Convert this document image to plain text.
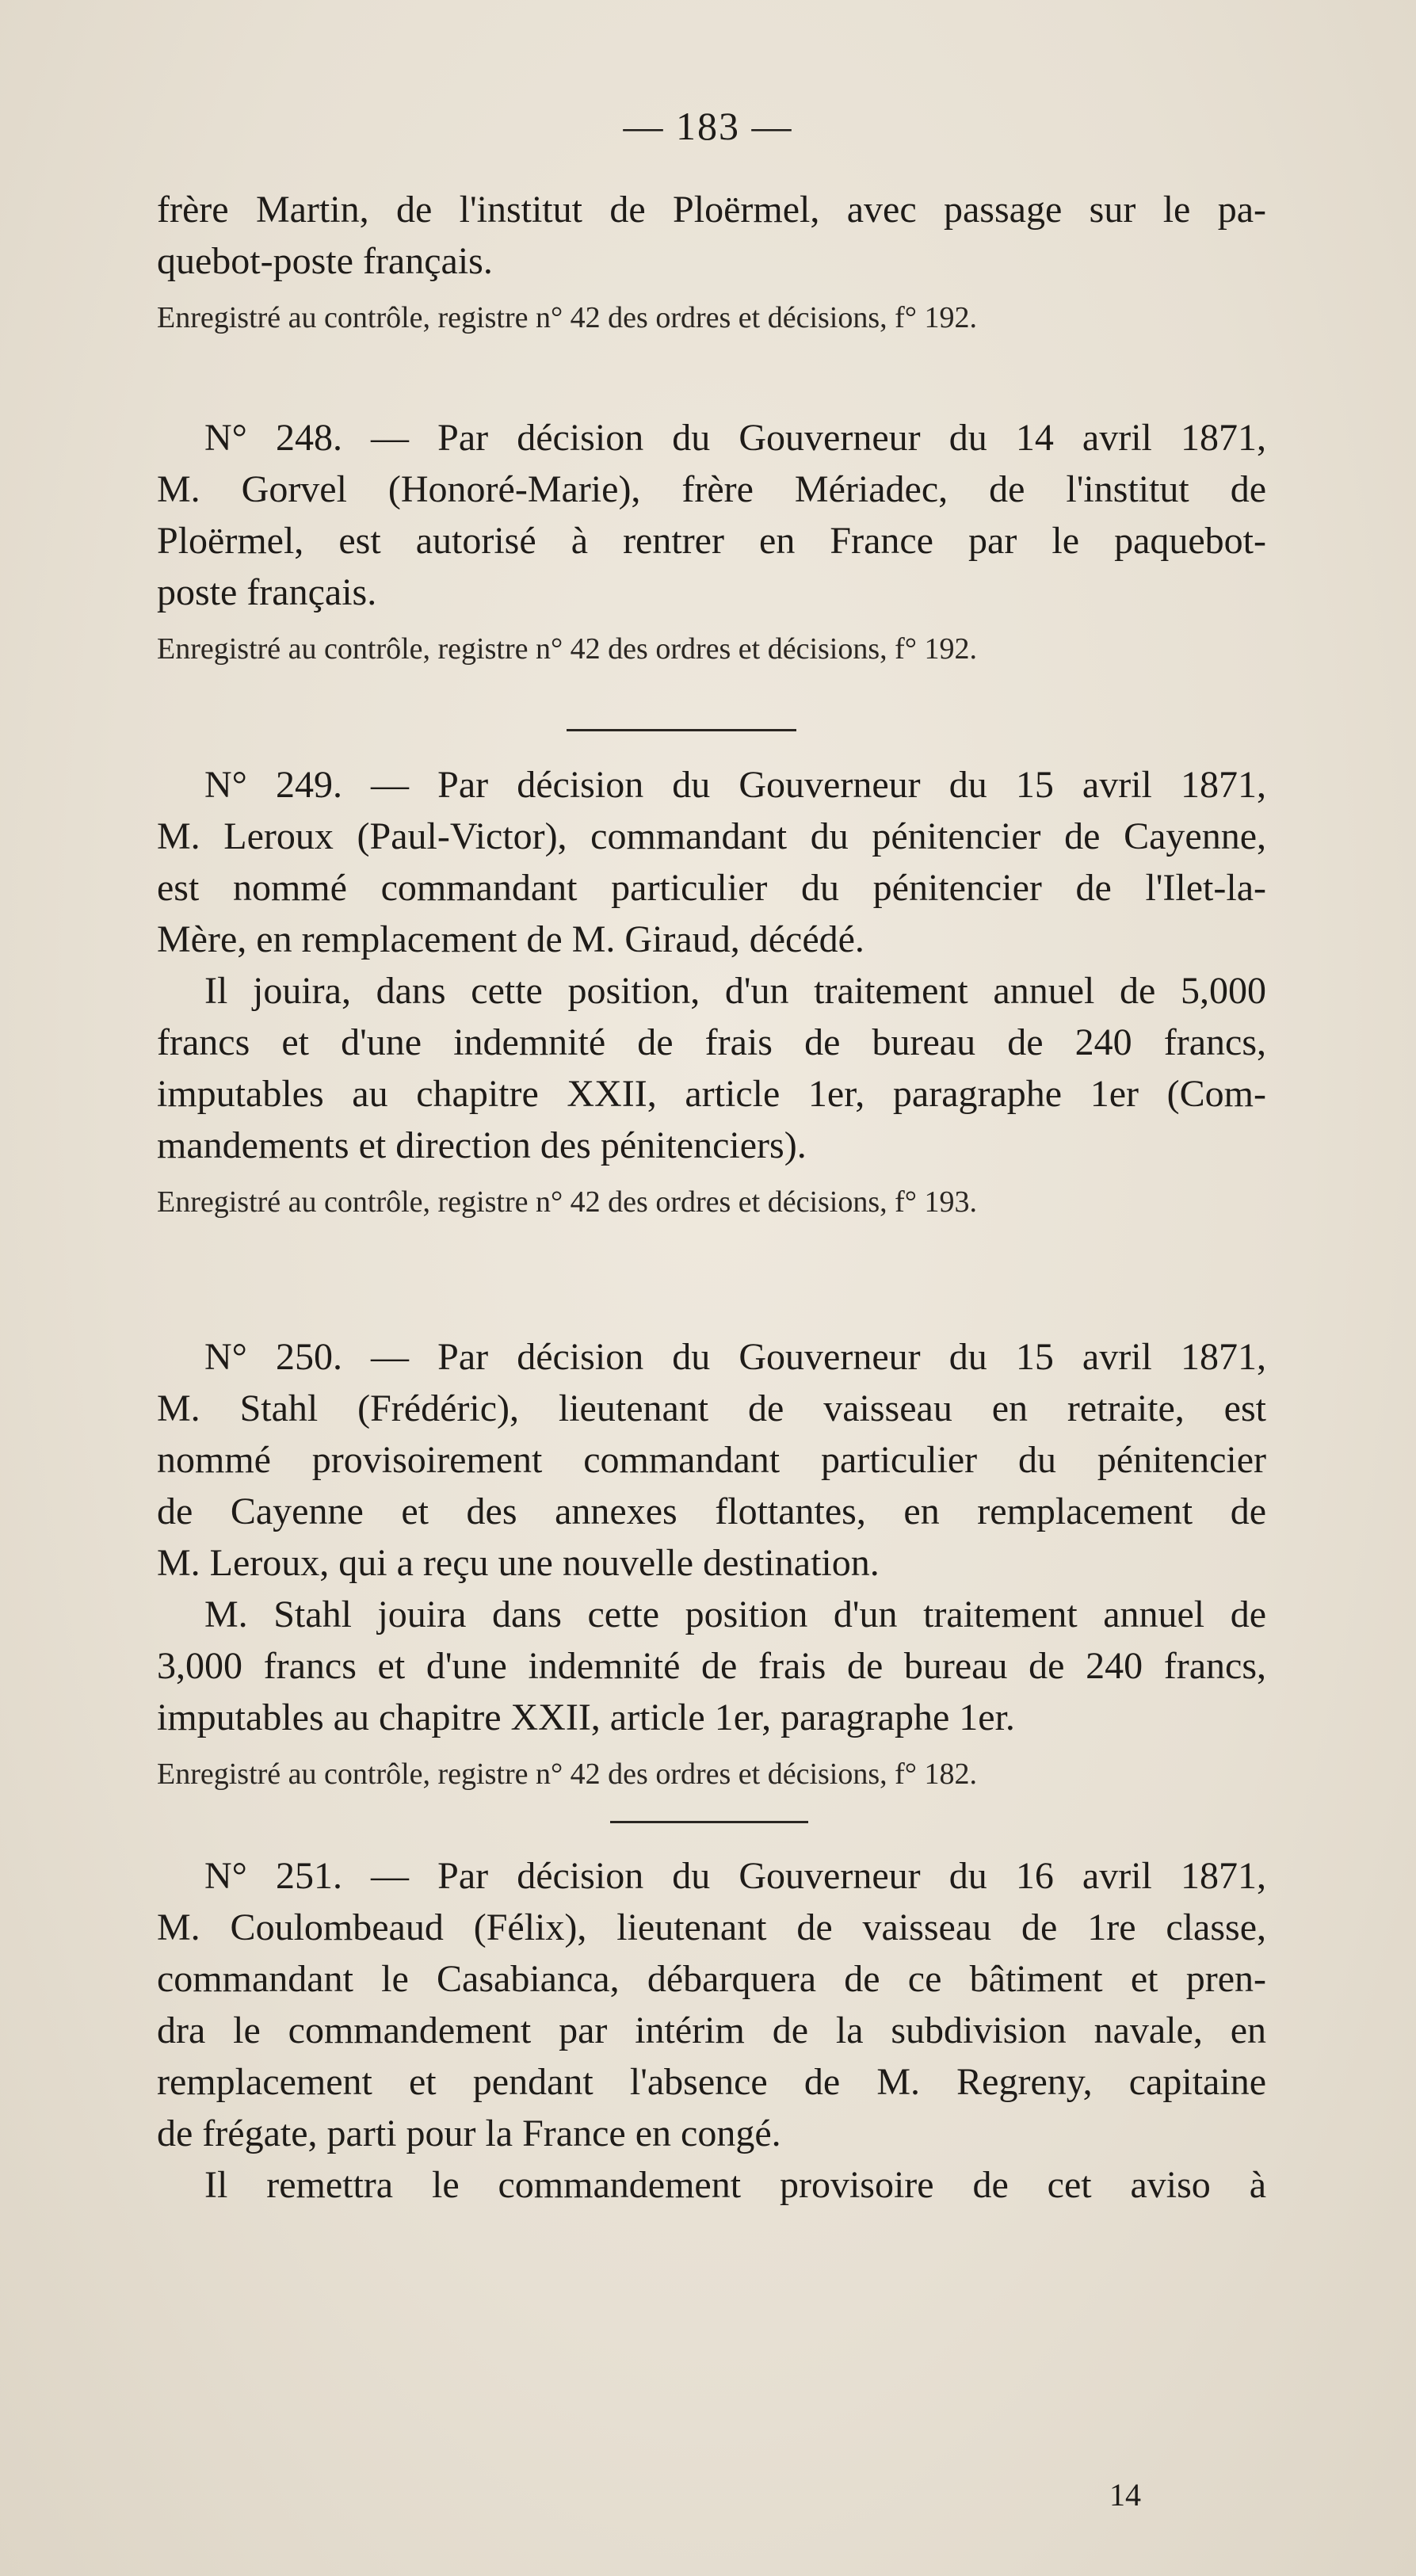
— 183 —

frère Martin, de l'institut de Ploërmel, avec passage sur le pa-
quebot-poste français.

Enregistré au contrôle, registre n° 42 des ordres et décisions, f° 192.

N° 248. — Par décision du Gouverneur du 14 avril 1871,
M. Gorvel (Honoré-Marie), frère Mériadec, de l'institut de
Ploërmel, est autorisé à rentrer en France par le paquebot-
poste français.

Enregistré au contrôle, registre n° 42 des ordres et décisions, f° 192.

N° 249. — Par décision du Gouverneur du 15 avril 1871,
M. Leroux (Paul-Victor), commandant du pénitencier de Cayenne,
est nommé commandant particulier du pénitencier de l'Ilet-la-
Mère, en remplacement de M. Giraud, décédé.
Il jouira, dans cette position, d'un traitement annuel de 5,000
francs et d'une indemnité de frais de bureau de 240 francs,
imputables au chapitre XXII, article 1er, paragraphe 1er (Com-
mandements et direction des pénitenciers).

Enregistré au contrôle, registre n° 42 des ordres et décisions, f° 193.

N° 250. — Par décision du Gouverneur du 15 avril 1871,
M. Stahl (Frédéric), lieutenant de vaisseau en retraite, est
nommé provisoirement commandant particulier du pénitencier
de Cayenne et des annexes flottantes, en remplacement de
M. Leroux, qui a reçu une nouvelle destination.
M. Stahl jouira dans cette position d'un traitement annuel de
3,000 francs et d'une indemnité de frais de bureau de 240 francs,
imputables au chapitre XXII, article 1er, paragraphe 1er.

Enregistré au contrôle, registre n° 42 des ordres et décisions, f° 182.

N° 251. — Par décision du Gouverneur du 16 avril 1871,
M. Coulombeaud (Félix), lieutenant de vaisseau de 1re classe,
commandant le Casabianca, débarquera de ce bâtiment et pren-
dra le commandement par intérim de la subdivision navale, en
remplacement et pendant l'absence de M. Regreny, capitaine
de frégate, parti pour la France en congé.
Il remettra le commandement provisoire de cet aviso à

14
